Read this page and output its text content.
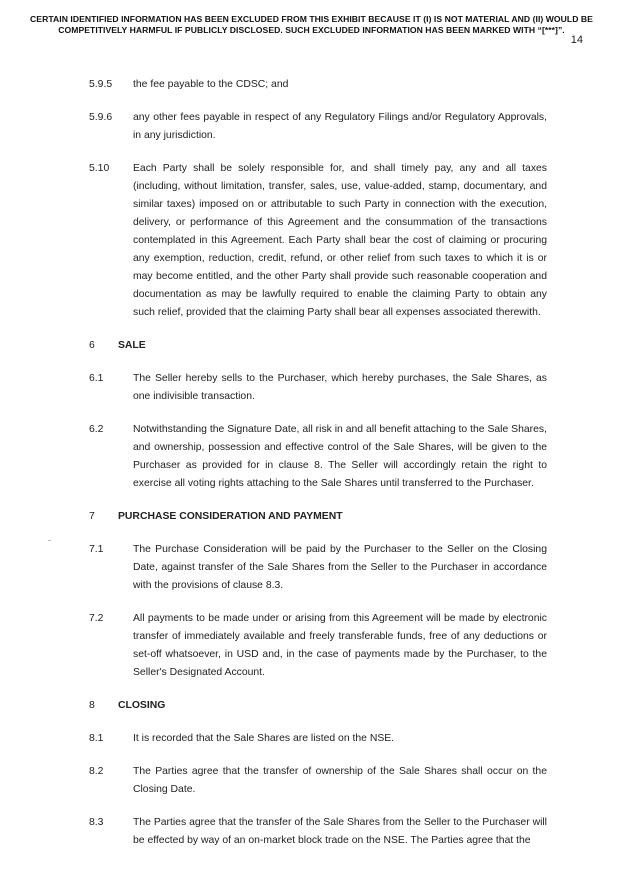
CERTAIN IDENTIFIED INFORMATION HAS BEEN EXCLUDED FROM THIS EXHIBIT BECAUSE IT (I) IS NOT MATERIAL AND (II) WOULD BE COMPETITIVELY HARMFUL IF PUBLICLY DISCLOSED. SUCH EXCLUDED INFORMATION HAS BEEN MARKED WITH “[***]”.
14
5.9.5 the fee payable to the CDSC; and
5.9.6 any other fees payable in respect of any Regulatory Filings and/or Regulatory Approvals, in any jurisdiction.
5.10 Each Party shall be solely responsible for, and shall timely pay, any and all taxes (including, without limitation, transfer, sales, use, value-added, stamp, documentary, and similar taxes) imposed on or attributable to such Party in connection with the execution, delivery, or performance of this Agreement and the consummation of the transactions contemplated in this Agreement. Each Party shall bear the cost of claiming or procuring any exemption, reduction, credit, refund, or other relief from such taxes to which it is or may become entitled, and the other Party shall provide such reasonable cooperation and documentation as may be lawfully required to enable the claiming Party to obtain any such relief, provided that the claiming Party shall bear all expenses associated therewith.
6 SALE
6.1	The Seller hereby sells to the Purchaser, which hereby purchases, the Sale Shares, as one indivisible transaction.
6.2	Notwithstanding the Signature Date, all risk in and all benefit attaching to the Sale Shares, and ownership, possession and effective control of the Sale Shares, will be given to the Purchaser as provided for in clause 8. The Seller will accordingly retain the right to exercise all voting rights attaching to the Sale Shares until transferred to the Purchaser.
7 PURCHASE CONSIDERATION AND PAYMENT
7.1	The Purchase Consideration will be paid by the Purchaser to the Seller on the Closing Date, against transfer of the Sale Shares from the Seller to the Purchaser in accordance with the provisions of clause 8.3.
7.2	All payments to be made under or arising from this Agreement will be made by electronic transfer of immediately available and freely transferable funds, free of any deductions or set-off whatsoever, in USD and, in the case of payments made by the Purchaser, to the Seller's Designated Account.
8 CLOSING
8.1	It is recorded that the Sale Shares are listed on the NSE.
8.2	The Parties agree that the transfer of ownership of the Sale Shares shall occur on the Closing Date.
8.3	The Parties agree that the transfer of the Sale Shares from the Seller to the Purchaser will be effected by way of an on-market block trade on the NSE. The Parties agree that the
